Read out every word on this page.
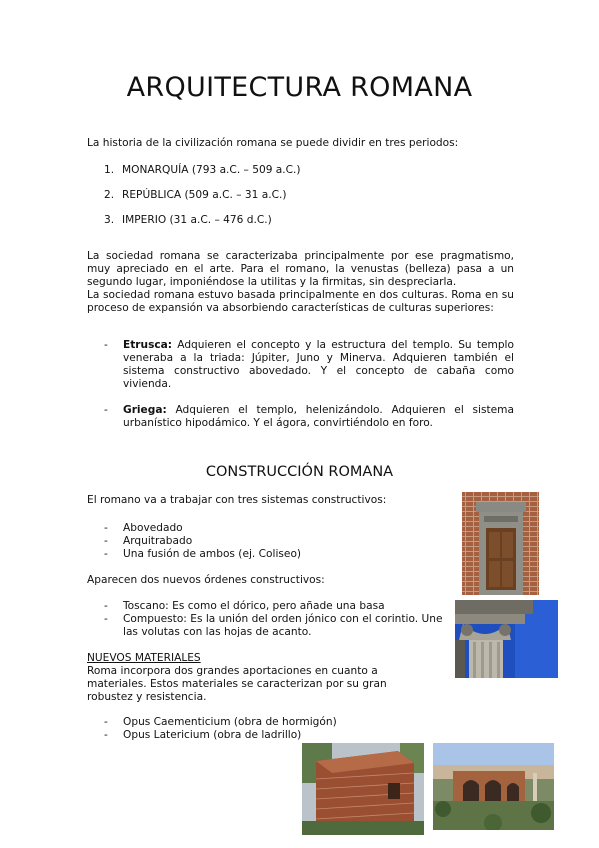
ARQUITECTURA ROMANA
La historia de la civilización romana se puede dividir en tres periodos:
1. MONARQUÍA (793 a.C. – 509 a.C.)
2. REPÚBLICA (509 a.C. – 31 a.C.)
3. IMPERIO (31 a.C. – 476 d.C.)
La sociedad romana se caracterizaba principalmente por ese pragmatismo, muy apreciado en el arte. Para el romano, la venustas (belleza) pasa a un segundo lugar, imponiéndose la utilitas y la firmitas, sin despreciarla.
La sociedad romana estuvo basada principalmente en dos culturas. Roma en su proceso de expansión va absorbiendo características de culturas superiores:
- Etrusca: Adquieren el concepto y la estructura del templo. Su templo veneraba a la triada: Júpiter, Juno y Minerva. Adquieren también el sistema constructivo abovedado. Y el concepto de cabaña como vivienda.
- Griega: Adquieren el templo, helenizándolo. Adquieren el sistema urbanístico hipodámico. Y el ágora, convirtiéndolo en foro.
CONSTRUCCIÓN ROMANA
El romano va a trabajar con tres sistemas constructivos:
- Abovedado
- Arquitrabado
- Una fusión de ambos (ej. Coliseo)
Aparecen dos nuevos órdenes constructivos:
- Toscano: Es como el dórico, pero añade una basa
- Compuesto: Es la unión del orden jónico con el corintio. Une las volutas con las hojas de acanto.
NUEVOS MATERIALES
Roma incorpora dos grandes aportaciones en cuanto a materiales. Estos materiales se caracterizan por su gran robustez y resistencia.
- Opus Caementicium (obra de hormigón)
- Opus Latericium (obra de ladrillo)
